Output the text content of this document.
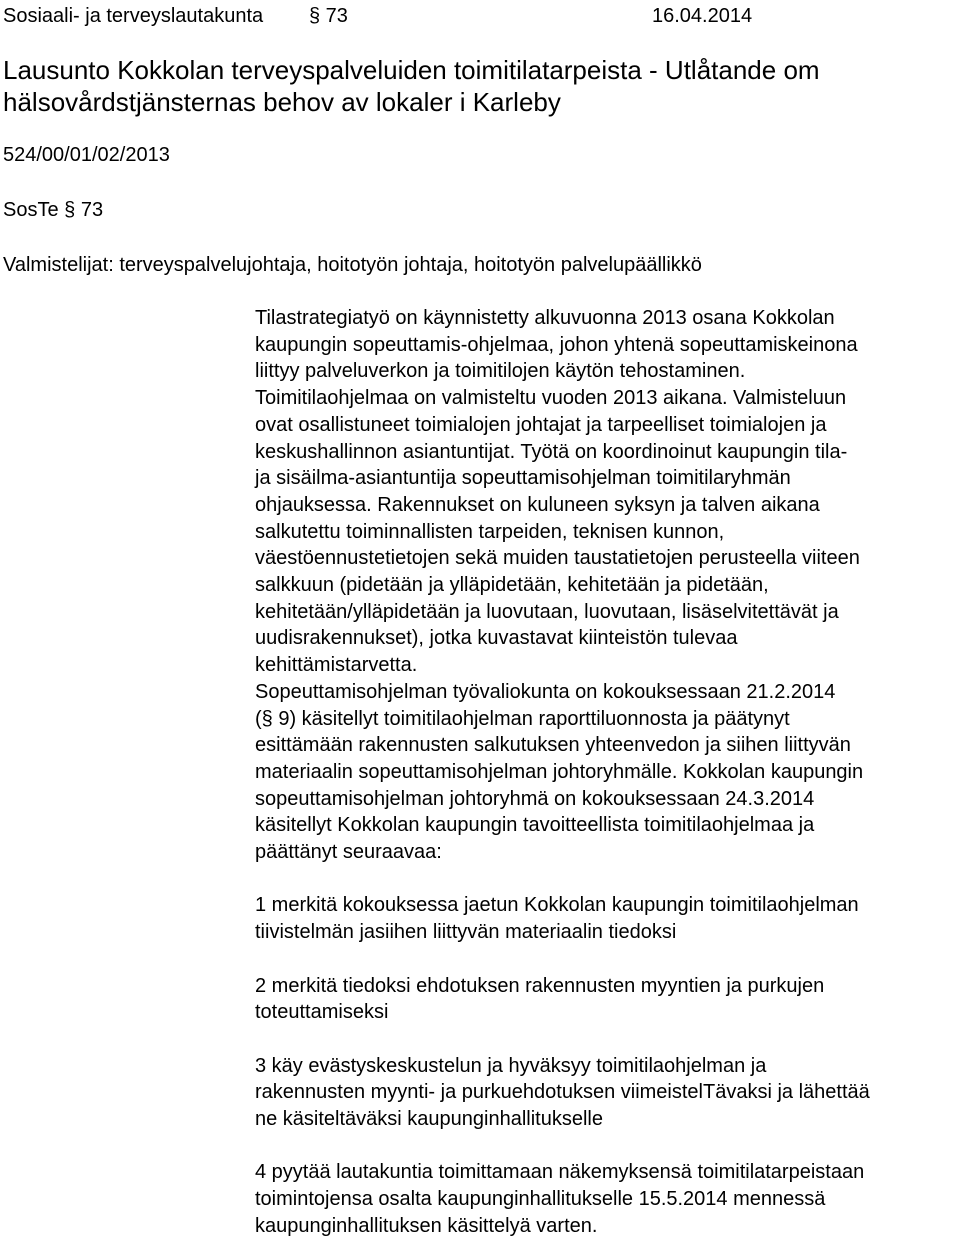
Sosiaali- ja terveyslautakunta § 73	16.04.2014
Lausunto Kokkolan terveyspalveluiden toimitilatarpeista - Utlåtande om
hälsovårdstjänsternas behov av lokaler i Karleby
524/00/01/02/2013
SosTe § 73
Valmistelijat: terveyspalvelujohtaja, hoitotyön johtaja, hoitotyön palvelupäällikkö
Tilastrategiatyö on käynnistetty alkuvuonna 2013 osana Kokkolan
kaupungin sopeuttamis-ohjelmaa, johon yhtenä sopeuttamiskeinona
liittyy palveluverkon ja toimitilojen käytön tehostaminen.
Toimitilaohjelmaa on valmisteltu vuoden 2013 aikana. Valmisteluun
ovat osallistuneet toimialojen johtajat ja tarpeelliset toimialojen ja
keskushallinnon asiantuntijat. Työtä on koordinoinut kaupungin tila-
ja sisäilma-asiantuntija sopeuttamisohjelman toimitilaryhmän
ohjauksessa. Rakennukset on kuluneen syksyn ja talven aikana
salkutettu toiminnallisten tarpeiden, teknisen kunnon,
väestöennustetietojen sekä muiden taustatietojen perusteella viiteen
salkkuun (pidetään ja ylläpidetään, kehitetään ja pidetään,
kehitetään/ylläpidetään ja luovutaan, luovutaan, lisäselvitettävät ja
uudisrakennukset), jotka kuvastavat kiinteistön tulevaa
kehittämistarvetta.
Sopeuttamisohjelman työvaliokunta on kokouksessaan 21.2.2014
(§ 9) käsitellyt toimitilaohjelman raporttiluonnosta ja päätynyt
esittämään rakennusten salkutuksen yhteenvedon ja siihen liittyvän
materiaalin sopeuttamisohjelman johtoryhmälle. Kokkolan kaupungin
sopeuttamisohjelman johtoryhmä on kokouksessaan 24.3.2014
käsitellyt Kokkolan kaupungin tavoitteellista toimitilaohjelmaa ja
päättänyt seuraavaa:
1 merkitä kokouksessa jaetun Kokkolan kaupungin toimitilaohjelman
tiivistelmän jasiihen liittyvän materiaalin tiedoksi
2 merkitä tiedoksi ehdotuksen rakennusten myyntien ja purkujen
toteuttamiseksi
3 käy evästyskeskustelun ja hyväksyy toimitilaohjelman ja
rakennusten myynti- ja purkuehdotuksen viimeistelTävaksi ja lähettää
ne käsiteltäväksi kaupunginhallitukselle
4 pyytää lautakuntia toimittamaan näkemyksensä toimitilatarpeistaan
toimintojensa osalta kaupunginhallitukselle 15.5.2014 mennessä
kaupunginhallituksen käsittelyä varten.
